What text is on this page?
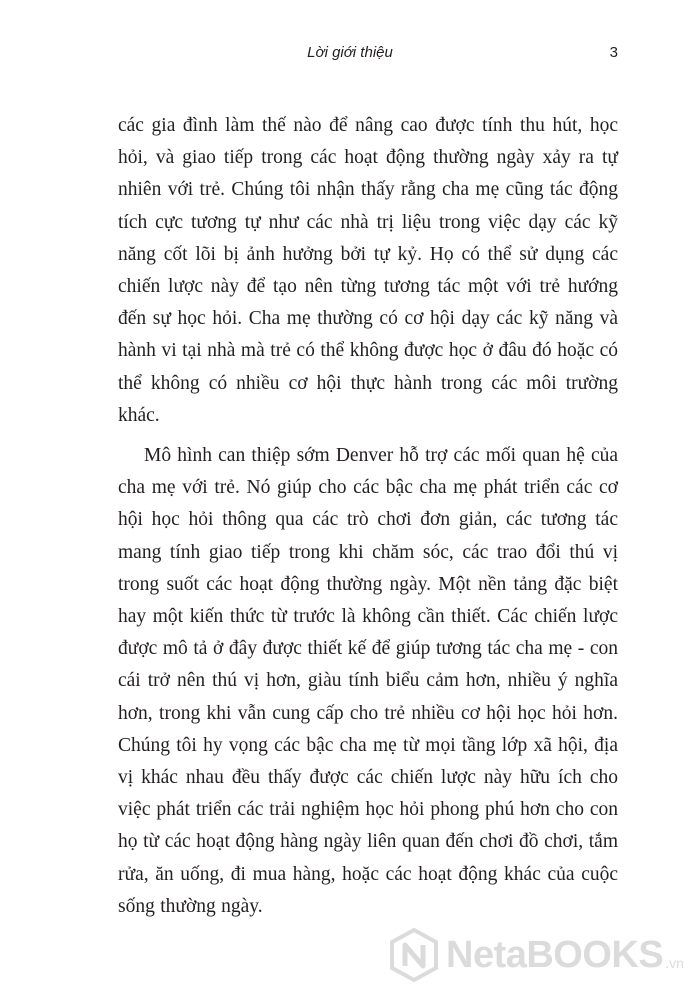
Lời giới thiệu	3

các gia đình làm thế nào để nâng cao được tính thu hút, học hỏi, và giao tiếp trong các hoạt động thường ngày xảy ra tự nhiên với trẻ. Chúng tôi nhận thấy rằng cha mẹ cũng tác động tích cực tương tự như các nhà trị liệu trong việc dạy các kỹ năng cốt lõi bị ảnh hưởng bởi tự kỷ. Họ có thể sử dụng các chiến lược này để tạo nên từng tương tác một với trẻ hướng đến sự học hỏi. Cha mẹ thường có cơ hội dạy các kỹ năng và hành vi tại nhà mà trẻ có thể không được học ở đâu đó hoặc có thể không có nhiều cơ hội thực hành trong các môi trường khác.

Mô hình can thiệp sớm Denver hỗ trợ các mối quan hệ của cha mẹ với trẻ. Nó giúp cho các bậc cha mẹ phát triển các cơ hội học hỏi thông qua các trò chơi đơn giản, các tương tác mang tính giao tiếp trong khi chăm sóc, các trao đổi thú vị trong suốt các hoạt động thường ngày. Một nền tảng đặc biệt hay một kiến thức từ trước là không cần thiết. Các chiến lược được mô tả ở đây được thiết kế để giúp tương tác cha mẹ - con cái trở nên thú vị hơn, giàu tính biểu cảm hơn, nhiều ý nghĩa hơn, trong khi vẫn cung cấp cho trẻ nhiều cơ hội học hỏi hơn. Chúng tôi hy vọng các bậc cha mẹ từ mọi tầng lớp xã hội, địa vị khác nhau đều thấy được các chiến lược này hữu ích cho việc phát triển các trải nghiệm học hỏi phong phú hơn cho con họ từ các hoạt động hàng ngày liên quan đến chơi đồ chơi, tắm rửa, ăn uống, đi mua hàng, hoặc các hoạt động khác của cuộc sống thường ngày.

NetaBOOKS .vn
